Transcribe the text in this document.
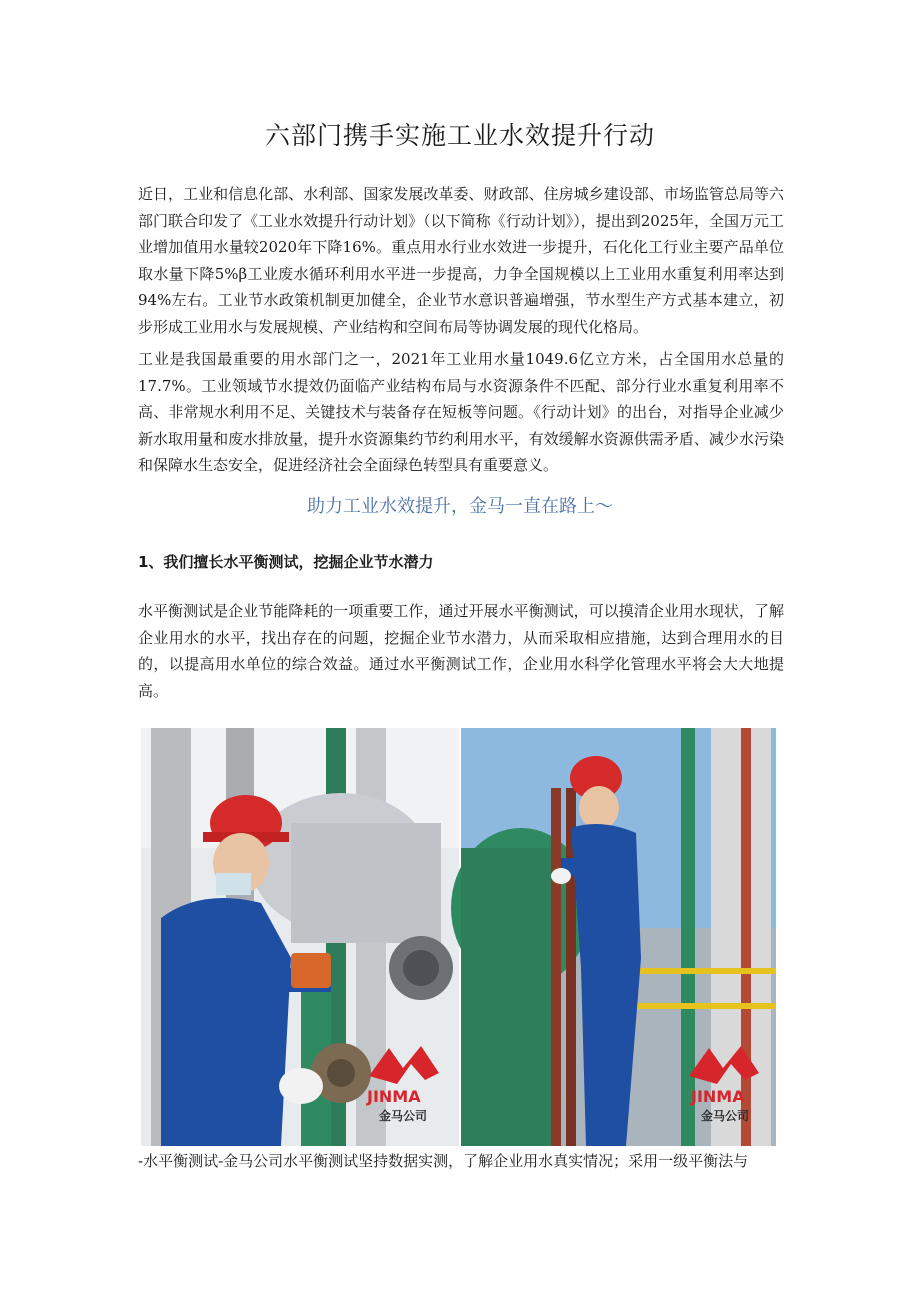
六部门携手实施工业水效提升行动

近日，工业和信息化部、水利部、国家发展改革委、财政部、住房城乡建设部、市场监管总局等六部门联合印发了《工业水效提升行动计划》（以下简称《行动计划》），提出到2025年，全国万元工业增加值用水量较2020年下降16%。重点用水行业水效进一步提升，石化化工行业主要产品单位取水量下降5%β工业废水循环利用水平进一步提高，力争全国规模以上工业用水重复利用率达到94%左右。工业节水政策机制更加健全，企业节水意识普遍增强，节水型生产方式基本建立，初步形成工业用水与发展规模、产业结构和空间布局等协调发展的现代化格局。

工业是我国最重要的用水部门之一，2021年工业用水量1049.6亿立方米，占全国用水总量的17.7%。工业领域节水提效仍面临产业结构布局与水资源条件不匹配、部分行业水重复利用率不高、非常规水利用不足、关键技术与装备存在短板等问题。《行动计划》的出台，对指导企业减少新水取用量和废水排放量，提升水资源集约节约利用水平，有效缓解水资源供需矛盾、减少水污染和保障水生态安全，促进经济社会全面绿色转型具有重要意义。

助力工业水效提升，金马一直在路上～
1、我们擅长水平衡测试，挖掘企业节水潜力

水平衡测试是企业节能降耗的一项重要工作，通过开展水平衡测试，可以摸清企业用水现状，了解企业用水的水平，找出存在的问题，挖掘企业节水潜力，从而采取相应措施，达到合理用水的目的，以提高用水单位的综合效益。通过水平衡测试工作，企业用水科学化管理水平将会大大地提高。

JINMA
金马公司
JINMA
金马公司
-水平衡测试-金马公司水平衡测试坚持数据实测，了解企业用水真实情况；采用一级平衡法与
